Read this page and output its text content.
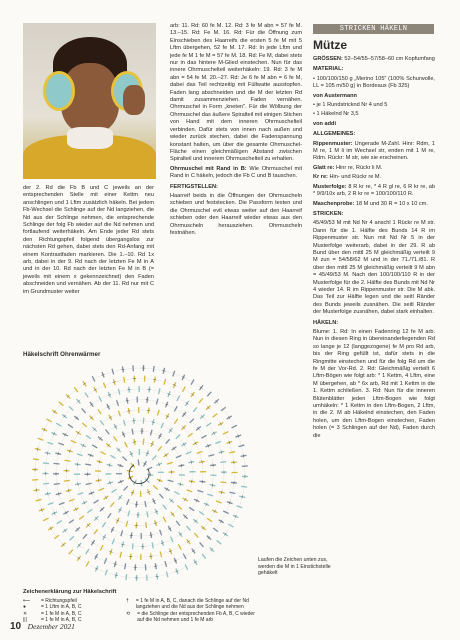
der 2. Rd die Fb B und C jeweils an der entsprechenden Stelle mit einer Kettm neu anschlingen und 1 Lftm zusätzlich häkeln. Bei jedem Fb-Wechsel die Schlinge auf der Nd langziehen, die Nd aus der Schlinge nehmen, die entsprechende Schlinge der folg Fb wieder auf die Nd nehmen und fortlaufend weiterhäkeln. Am Ende jeder Rd stets den Richtungspfeil folgend übergangslos zur nächsten Rd gehen, dabei stets den Rd-Anfang mit einem Kontrastfaden markieren. Die 1.–10. Rd 1x arb, dabei in der 9. Rd nach der letzten Fe M in A und in der 10. Rd nach der letzten Fe M in B (= jeweils mit einem x gekennzeichnet) den Faden abschneiden und vernähen. Ab der 11. Rd nur mit C im Grundmuster weiter

arb: 11. Rd: 60 fe M. 12. Rd: 3 fe M abn = 57 fe M. 13.–15. Rd: Fe M. 16. Rd: Für die Öffnung zum Einschieben des Haarreifs die ersten 5 fe M mit 5 Lftm übergehen, 52 fe M. 17. Rd: In jede Lftm und jede fe M 1 fe M = 57 fe M. 18. Rd: Fe M, dabei stets nur in das hintere M-Glied einstechen. Nun für das innere Ohrmuschelteil weiterhäkeln: 19. Rd: 3 fe M abn = 54 fe M. 20.–27. Rd: Je 6 fe M abn = 6 fe M, dabei das Teil rechtzeitig mit Füllwatte ausstopfen. Faden lang abschneiden und die M der letzten Rd damit zusammenziehen. Faden vernähen. Ohrmuschel in Form „kneten". Für die Wölbung der Ohrmuschel das äußere Spiralteil mit einigen Stichen von Hand mit dem inneren Ohrmuschelteil verbinden. Dafür stets von innen nach außen und wieder zurück stechen, dabei die Fadenspannung konstant halten, um über die gesamte Ohrmuschel-Fläche einen gleichmäßigen Abstand zwischen Spiralteil und innerem Ohrmuschelteil zu erhalten.

Ohrmuschel mit Rand in B: Wie Ohrmuschel mit Rand in C häkeln, jedoch die Fb C und B tauschen.

FERTIGSTELLEN:

Haarreif beids in die Öffnungen der Ohrmuscheln schieben und feststecken. Die Passform testen und die Ohrmuschel evtl etwas weiter auf den Haarreif schieben oder den Haarreif wieder etwas aus den Ohrmuscheln herausziehen. Ohrmuscheln festnähen.

STRICKEN HÄKELN
Mütze

GRÖSSEN: 52–54/55–57/58–60 cm Kopfumfang

MATERIAL:

• 100/100/150 g „Merino 105" (100% Schurwolle, LL = 105 m/50 g) in Bordeaux (Fb 325)

von Austermann

• je 1 Rundstricknd Nr 4 und 5

• 1 Häkelnd Nr 3,5

von addi

ALLGEMEINES:

Rippenmuster: Ungerade M-Zahl. Hinr: Rdm, 1 M re, 1 M li im Wechsel str, enden mit 1 M re, Rdm. Rückr: M str, wie sie erscheinen.

Glatt re: Hinr re, Rückr li M.

Kr re: Hin- und Rückr re M.

Musterfolge: 8 R kr re, * 4 R gl re, 6 R kr re, ab * 9/9/10x arb, 2 R kr re = 100/100/110 R.

Maschenprobe: 18 M und 30 R = 10 x 10 cm.

STRICKEN:

45/49/53 M mit Nd Nr 4 anschl 1 Rückr re M str. Dann für die 1. Hälfte des Bunds 14 R im Rippenmuster str. Nun mit Nd Nr 5 in der Musterfolge weiterarb, dabei in der 29. R ab Bund über den mittl 25 M gleichmäßig verteilt 9 M zun = 54/58/62 M und in der 71./71./81. R über den mittl 25 M gleichmäßig verteilt 9 M abn = 45/49/53 M. Nach den 100/100/110 R in der Musterfolge für die 2. Hälfte des Bunds mit Nd Nr 4 wieder 14. R im Rippenmuster str. Die M abk. Das Teil zur Hälfte legen und die seitl Ränder des Bunds jeweils zusnähen. Die seitl Ränder der Musterfolge zusnähen, dabei stark einhalten.

HÄKELN:

Blume: 1. Rd: In einen Fadenring 12 fe M arb. Nun in diesen Ring in übereinanderliegenden Rd so lange je 12 (langgezogene) fe M pro Rd arb, bis der Ring gefüllt ist, dafür stets in die Ringmitte einstechen und für die folg Rd um die fe M der Vor-Rd. 2. Rd: Gleichmäßig verteilt 6 Lftm-Bögen wie folgt arb: * 1 Kettm, 4 Lftm, eine M übergehen, ab * 6x arb, Rd mit 1 Kettm in die 1. Kettm schließen. 3. Rd: Nun für die inneren Blütenblätter jeden Lftm-Bogen wie folgt umhäkeln: * 1 Kettm in den Lftm-Bogen, 2 Lftm, in die 2. M ab Häkelnd einstechen, den Faden holen, um den Lftm-Bogen einstechen, Faden holen (= 3 Schlingen auf der Nd), Faden durch die

Häkelschrift Ohrenwärmer
Laufen die Zeichen unten zus, werden die M in 1 Einstichstelle gehäkelt
Zeichenerklärung zur Häkelschrift
⟵	= Richtungspfeil
●	= 1 Lftm in A, B, C
✕	= 1 fe M in A, B, C
|||	= 1 fe M in A, B, C
†	= 1 fe M in A, B, C, danach die Schlinge auf der Nd langziehen und die Nd aus der Schlinge nehmen
⟲	= die Schlinge der entsprechenden Fb A, B, C wieder auf die Nd nehmen und 1 fe M arb
10 Dezember 2021
